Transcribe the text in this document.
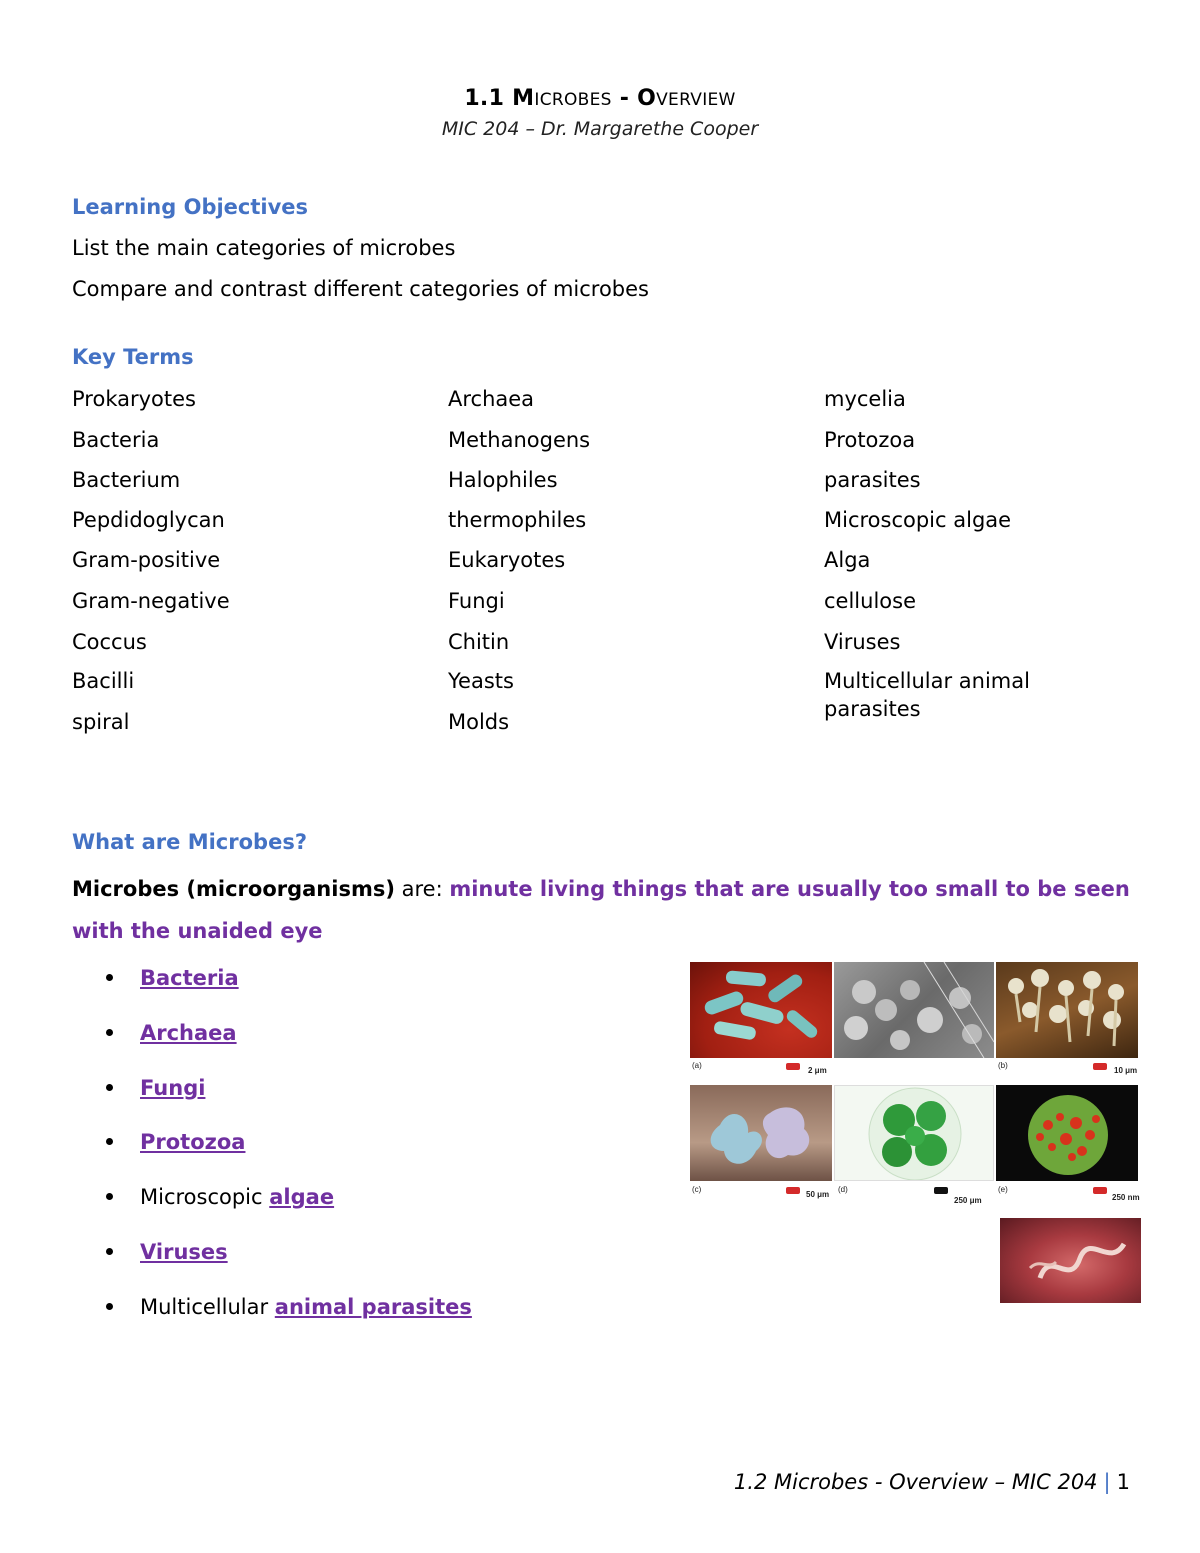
1.1 MICROBES - OVERVIEW
MIC 204 – Dr. Margarethe Cooper
Learning Objectives
List the main categories of microbes
Compare and contrast different categories of microbes
Key Terms
Prokaryotes
Bacteria
Bacterium
Pepdidoglycan
Gram-positive
Gram-negative
Coccus
Bacilli
spiral
Archaea
Methanogens
Halophiles
thermophiles
Eukaryotes
Fungi
Chitin
Yeasts
Molds
mycelia
Protozoa
parasites
Microscopic algae
Alga
cellulose
Viruses
Multicellular animal
parasites
What are Microbes?
Microbes (microorganisms) are: minute living things that are usually too small to be seen with the unaided eye
Bacteria
Archaea
Fungi
Protozoa
Microscopic algae
Viruses
Multicellular animal parasites
(a)
2 μm
(b)
10 μm
(c)
50 μm
(d)
250 μm
(e)
250 nm
1.2 Microbes - Overview – MIC 204 | 1
